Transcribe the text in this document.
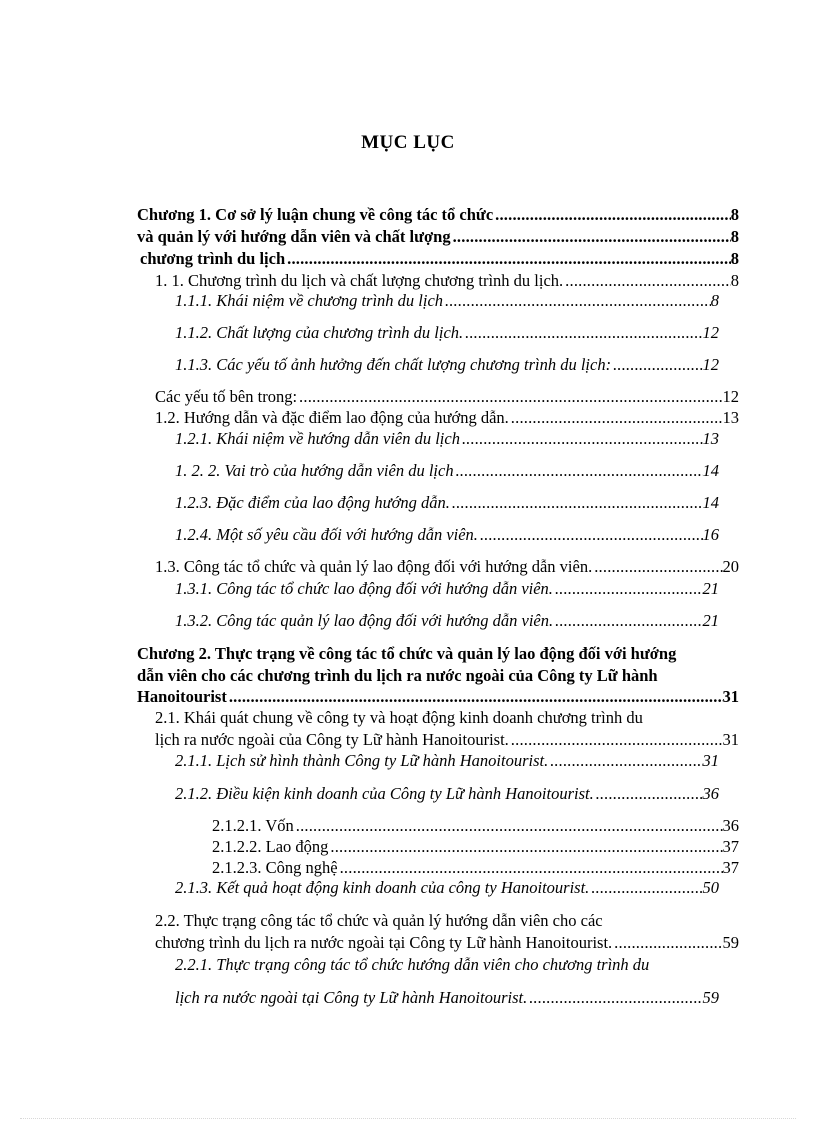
MỤC LỤC
Chương 1. Cơ sở lý luận chung về công tác tổ chức .....	8
và quản lý với hướng dẫn viên và chất lượng .....	8
chương trình du lịch .....	8
1. 1. Chương trình du lịch và chất lượng chương trình du lịch. .....	8
1.1.1. Khái niệm về chương trình du lịch .....	8
1.1.2. Chất lượng của chương trình du lịch. .....	12
1.1.3. Các yếu tố ảnh hưởng đến chất lượng chương trình du lịch: .....	12
Các yếu tố bên trong: .....	12
1.2. Hướng dẫn và đặc điểm lao động của hướng dẫn. .....	13
1.2.1. Khái niệm về hướng dẫn viên du lịch .....	13
1. 2. 2. Vai trò của hướng dẫn viên du lịch .....	14
1.2.3. Đặc điểm của lao động hướng dẫn. .....	14
1.2.4. Một số yêu cầu đối với hướng dẫn viên. .....	16
1.3. Công tác tổ chức và quản lý lao động đối với hướng dẫn viên. .....	20
1.3.1. Công tác tổ chức lao động đối với hướng dẫn viên. .....	21
1.3.2. Công tác quản lý lao động đối với hướng dẫn viên. .....	21
Chương 2. Thực trạng về công tác tổ chức và quản lý lao động đối với hướng
dẫn viên cho các chương trình du lịch ra nước ngoài của Công ty Lữ hành
Hanoitourist .....	31
2.1. Khái quát chung về công ty và hoạt động kinh doanh chương trình du
lịch ra nước ngoài của Công ty Lữ hành Hanoitourist. .....	31
2.1.1. Lịch sử hình thành Công ty Lữ hành Hanoitourist. .....	31
2.1.2. Điều kiện kinh doanh của Công ty Lữ hành Hanoitourist. .....	36
2.1.2.1. Vốn .....	36
2.1.2.2. Lao động .....	37
2.1.2.3. Công nghệ .....	37
2.1.3. Kết quả hoạt động kinh doanh của công ty Hanoitourist. .....	50
2.2. Thực trạng công tác tổ chức và quản lý hướng dẫn viên cho các
chương trình du lịch ra nước ngoài tại Công ty Lữ hành Hanoitourist. .....	59
2.2.1. Thực trạng công tác tổ chức hướng dẫn viên cho chương trình du
lịch ra nước ngoài tại Công ty Lữ hành Hanoitourist. .....	59
